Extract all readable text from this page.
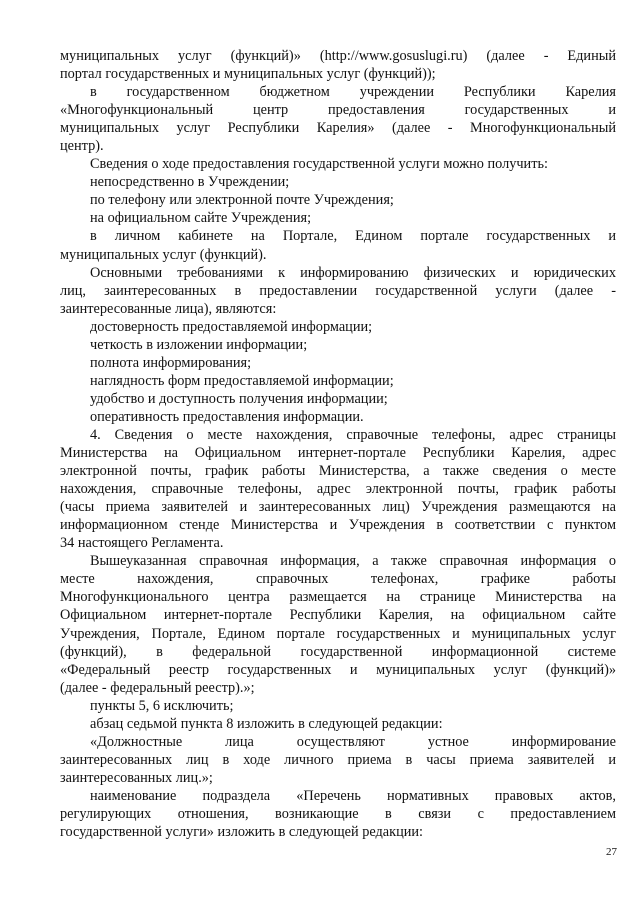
муниципальных услуг (функций)» (http://www.gosuslugi.ru) (далее - Единый
портал государственных и муниципальных услуг (функций));
в государственном бюджетном учреждении Республики Карелия
«Многофункциональный центр предоставления государственных и
муниципальных услуг Республики Карелия» (далее - Многофункциональный
центр).
Сведения о ходе предоставления государственной услуги можно получить:
непосредственно в Учреждении;
по телефону или электронной почте Учреждения;
на официальном сайте Учреждения;
в личном кабинете на Портале, Едином портале государственных и
муниципальных услуг (функций).
Основными требованиями к информированию физических и юридических
лиц, заинтересованных в предоставлении государственной услуги (далее -
заинтересованные лица), являются:
достоверность предоставляемой информации;
четкость в изложении информации;
полнота информирования;
наглядность форм предоставляемой информации;
удобство и доступность получения информации;
оперативность предоставления информации.
4. Сведения о месте нахождения, справочные телефоны, адрес страницы
Министерства на Официальном интернет-портале Республики Карелия, адрес
электронной почты, график работы Министерства, а также сведения о месте
нахождения, справочные телефоны, адрес электронной почты, график работы
(часы приема заявителей и заинтересованных лиц) Учреждения размещаются на
информационном стенде Министерства и Учреждения в соответствии с пунктом
34 настоящего Регламента.
Вышеуказанная справочная информация, а также справочная информация о
месте нахождения, справочных телефонах, графике работы
Многофункционального центра размещается на странице Министерства на
Официальном интернет-портале Республики Карелия, на официальном сайте
Учреждения, Портале, Едином портале государственных и муниципальных услуг
(функций), в федеральной государственной информационной системе
«Федеральный реестр государственных и муниципальных услуг (функций)»
(далее - федеральный реестр).»;
пункты 5, 6 исключить;
абзац седьмой пункта 8 изложить в следующей редакции:
«Должностные лица осуществляют устное информирование
заинтересованных лиц в ходе личного приема в часы приема заявителей и
заинтересованных лиц.»;
наименование подраздела «Перечень нормативных правовых актов,
регулирующих отношения, возникающие в связи с предоставлением
государственной услуги» изложить в следующей редакции:
27
